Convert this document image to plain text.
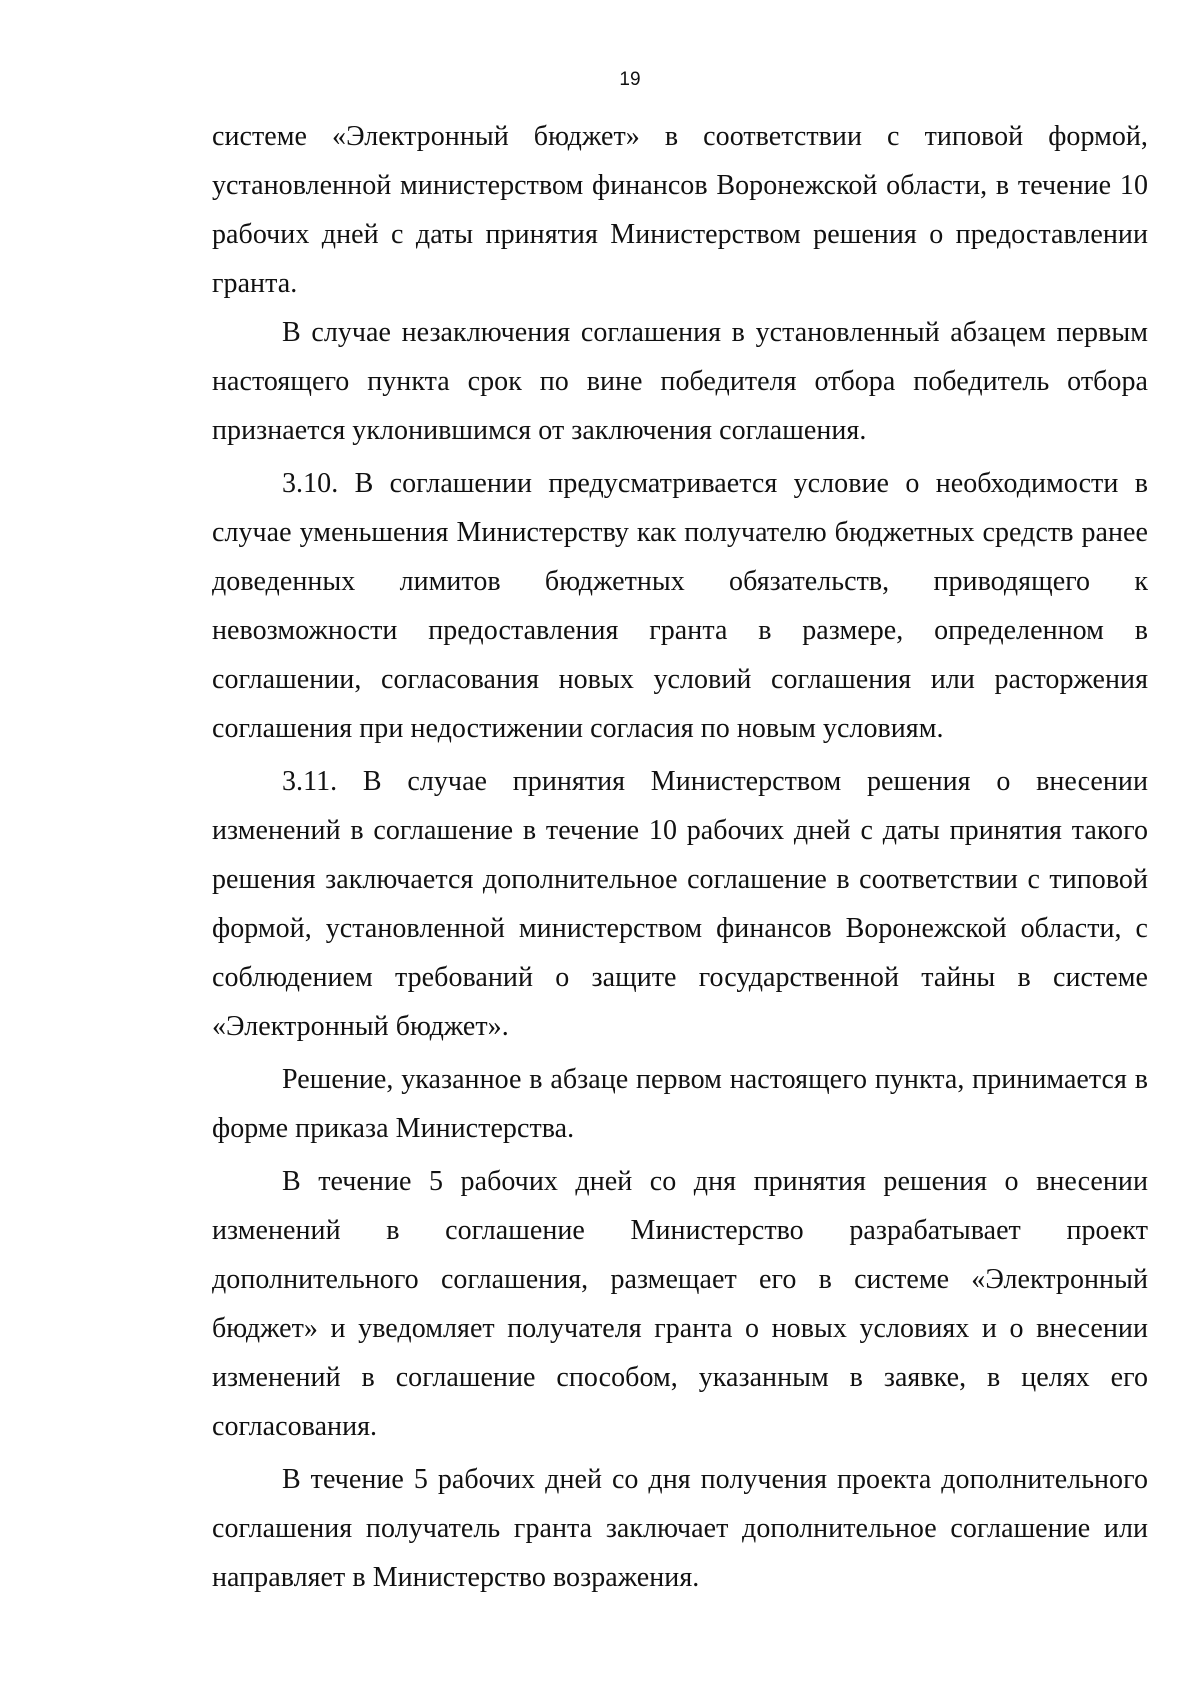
19

системе «Электронный бюджет» в соответствии с типовой формой, установленной министерством финансов Воронежской области, в течение 10 рабочих дней с даты принятия Министерством решения о предоставлении гранта.

В случае незаключения соглашения в установленный абзацем первым настоящего пункта срок по вине победителя отбора победитель отбора признается уклонившимся от заключения соглашения.

3.10. В соглашении предусматривается условие о необходимости в случае уменьшения Министерству как получателю бюджетных средств ранее доведенных лимитов бюджетных обязательств, приводящего к невозможности предоставления гранта в размере, определенном в соглашении, согласования новых условий соглашения или расторжения соглашения при недостижении согласия по новым условиям.

3.11. В случае принятия Министерством решения о внесении изменений в соглашение в течение 10 рабочих дней с даты принятия такого решения заключается дополнительное соглашение в соответствии с типовой формой, установленной министерством финансов Воронежской области, с соблюдением требований о защите государственной тайны в системе «Электронный бюджет».

Решение, указанное в абзаце первом настоящего пункта, принимается в форме приказа Министерства.

В течение 5 рабочих дней со дня принятия решения о внесении изменений в соглашение Министерство разрабатывает проект дополнительного соглашения, размещает его в системе «Электронный бюджет» и уведомляет получателя гранта о новых условиях и о внесении изменений в соглашение способом, указанным в заявке, в целях его согласования.

В течение 5 рабочих дней со дня получения проекта дополнительного соглашения получатель гранта заключает дополнительное соглашение или направляет в Министерство возражения.
